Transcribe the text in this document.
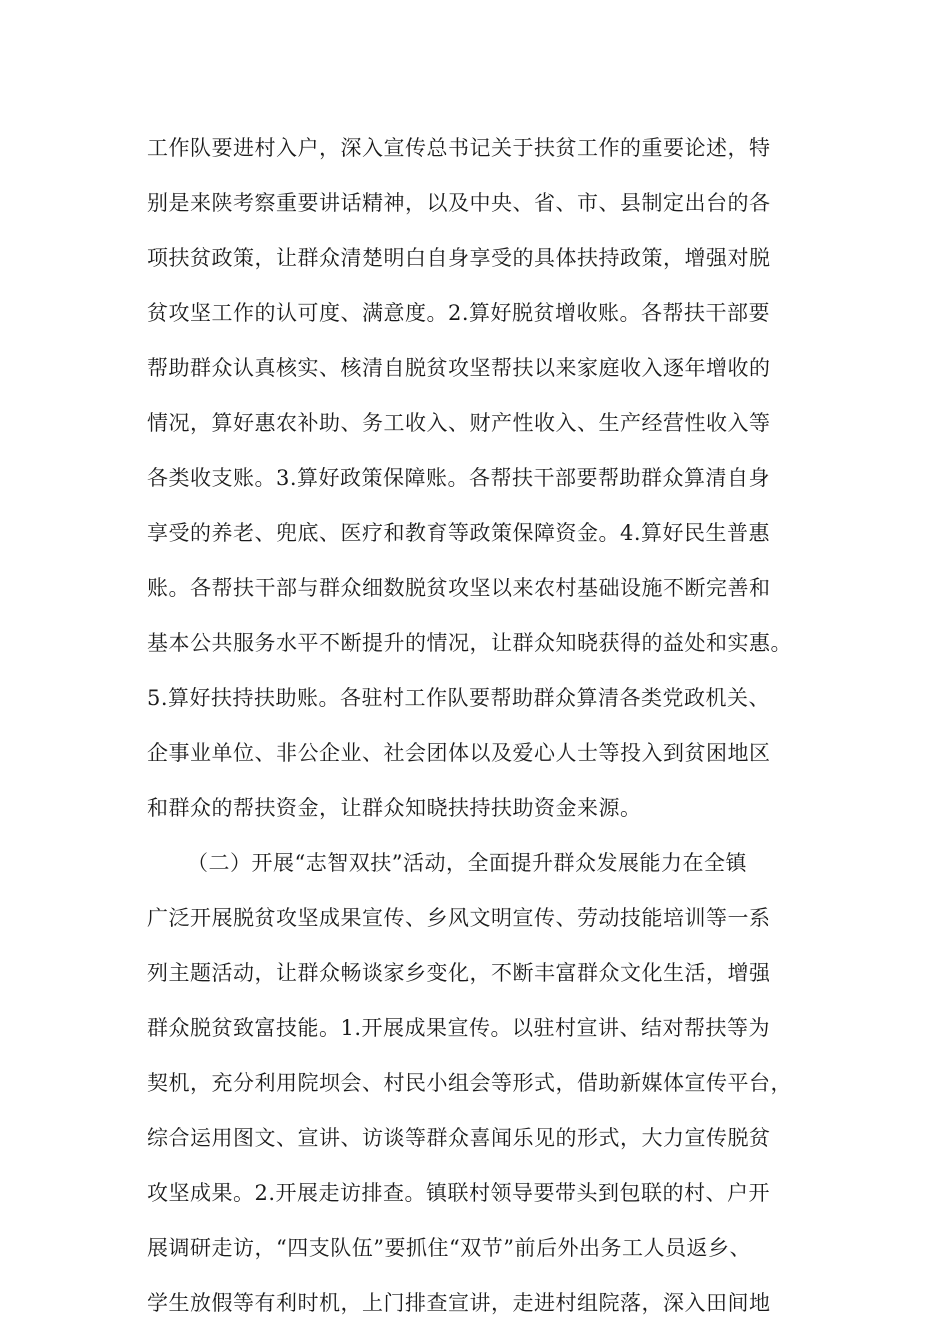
工作队要进村入户，深入宣传总书记关于扶贫工作的重要论述，特
别是来陕考察重要讲话精神，以及中央、省、市、县制定出台的各
项扶贫政策，让群众清楚明白自身享受的具体扶持政策，增强对脱
贫攻坚工作的认可度、满意度。2.算好脱贫增收账。各帮扶干部要
帮助群众认真核实、核清自脱贫攻坚帮扶以来家庭收入逐年增收的
情况，算好惠农补助、务工收入、财产性收入、生产经营性收入等
各类收支账。3.算好政策保障账。各帮扶干部要帮助群众算清自身
享受的养老、兜底、医疗和教育等政策保障资金。4.算好民生普惠
账。各帮扶干部与群众细数脱贫攻坚以来农村基础设施不断完善和
基本公共服务水平不断提升的情况，让群众知晓获得的益处和实惠。
5.算好扶持扶助账。各驻村工作队要帮助群众算清各类党政机关、
企事业单位、非公企业、社会团体以及爱心人士等投入到贫困地区
和群众的帮扶资金，让群众知晓扶持扶助资金来源。
（二）开展“志智双扶”活动，全面提升群众发展能力在全镇
广泛开展脱贫攻坚成果宣传、乡风文明宣传、劳动技能培训等一系
列主题活动，让群众畅谈家乡变化，不断丰富群众文化生活，增强
群众脱贫致富技能。1.开展成果宣传。以驻村宣讲、结对帮扶等为
契机，充分利用院坝会、村民小组会等形式，借助新媒体宣传平台，
综合运用图文、宣讲、访谈等群众喜闻乐见的形式，大力宣传脱贫
攻坚成果。2.开展走访排查。镇联村领导要带头到包联的村、户开
展调研走访，“四支队伍”要抓住“双节”前后外出务工人员返乡、
学生放假等有利时机，上门排查宣讲，走进村组院落，深入田间地
